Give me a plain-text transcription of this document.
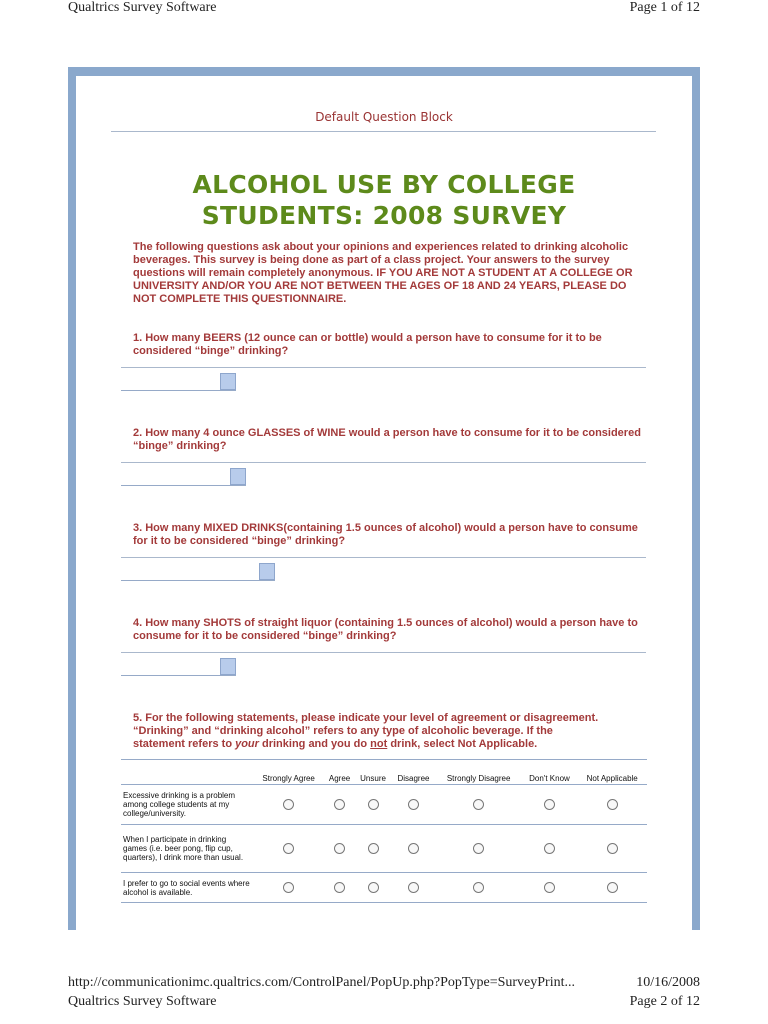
Qualtrics Survey Software	Page 1 of 12
Default Question Block
ALCOHOL USE BY COLLEGE
STUDENTS: 2008 SURVEY
The following questions ask about your opinions and experiences related to drinking alcoholic beverages. This survey is being done as part of a class project. Your answers to the survey questions will remain completely anonymous. IF YOU ARE NOT A STUDENT AT A COLLEGE OR UNIVERSITY AND/OR YOU ARE NOT BETWEEN THE AGES OF 18 AND 24 YEARS, PLEASE DO NOT COMPLETE THIS QUESTIONNAIRE.
1. How many BEERS (12 ounce can or bottle) would a person have to consume for it to be considered “binge” drinking?
2. How many 4 ounce GLASSES of WINE would a person have to consume for it to be considered “binge” drinking?
3. How many MIXED DRINKS(containing 1.5 ounces of alcohol) would a person have to consume for it to be considered “binge” drinking?
4. How many SHOTS of straight liquor (containing 1.5 ounces of alcohol) would a person have to consume for it to be considered “binge” drinking?
5. For the following statements, please indicate your level of agreement or disagreement.
“Drinking” and “drinking alcohol” refers to any type of alcoholic beverage. If the
statement refers to your drinking and you do not drink, select Not Applicable.
	Strongly Agree	Agree	Unsure	Disagree	Strongly Disagree	Don't Know	Not Applicable
Excessive drinking is a problem among college students at my college/university.							
When I participate in drinking games (i.e. beer pong, flip cup, quarters), I drink more than usual.							
I prefer to go to social events where alcohol is available.							
http://communicationimc.qualtrics.com/ControlPanel/PopUp.php?PopType=SurveyPrint...	10/16/2008
Qualtrics Survey Software	Page 2 of 12
